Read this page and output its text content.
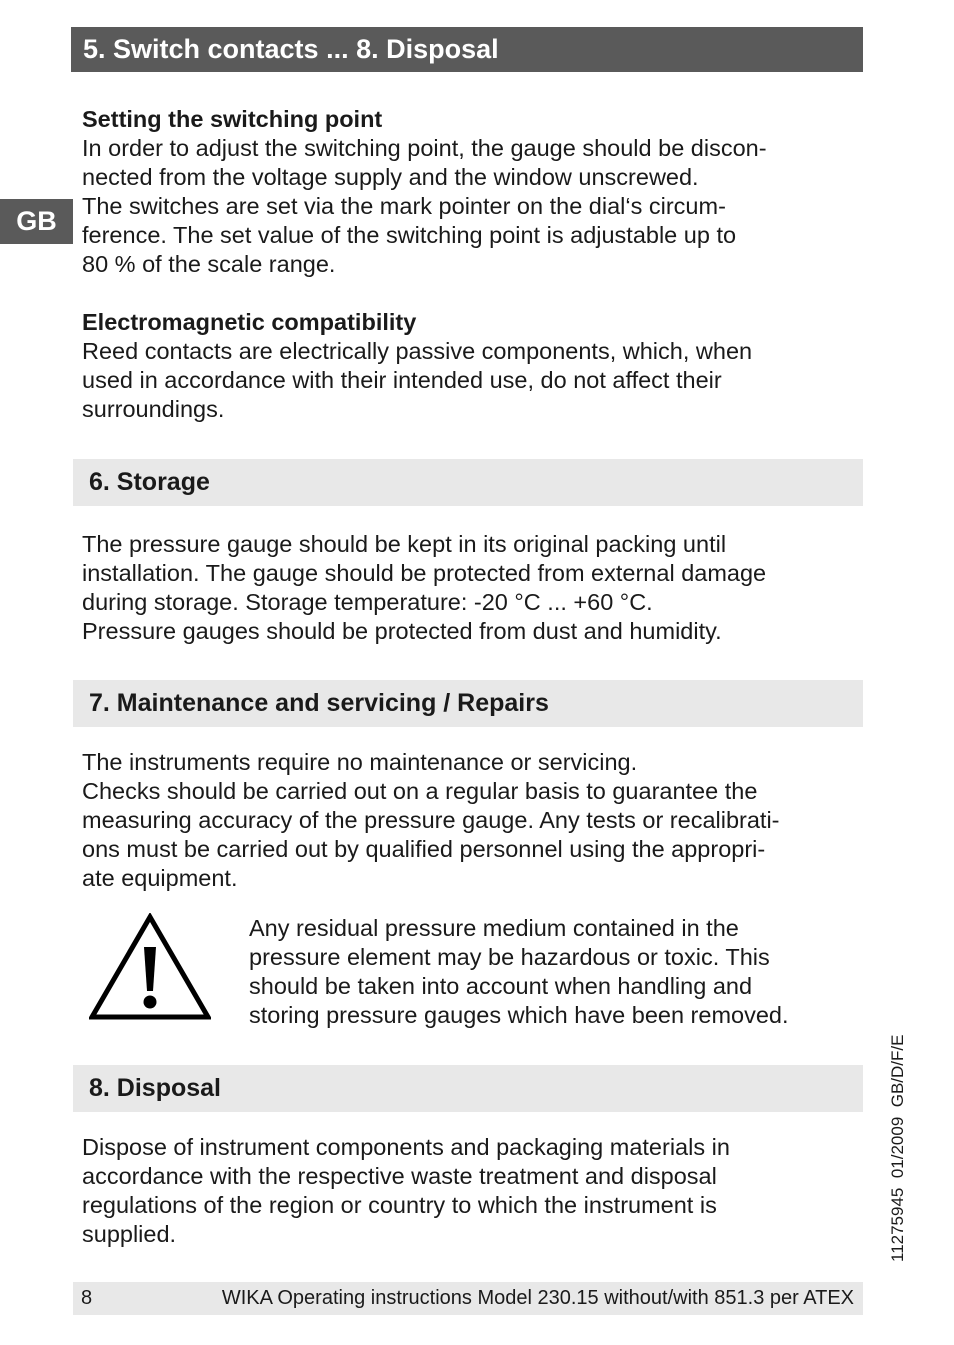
5. Switch contacts ... 8. Disposal
GB
Setting the switching point
In order to adjust the switching point, the gauge should be discon-
nected from the voltage supply and the window unscrewed.
The switches are set via the mark pointer on the dial‘s circum-
ference. The set value of the switching point is adjustable up to
80 % of the scale range.
Electromagnetic compatibility
Reed contacts are electrically passive components, which, when
used in accordance with their intended use, do not affect their
surroundings.
6. Storage
The pressure gauge should be kept in its original packing until
installation. The gauge should be protected from external damage
during storage. Storage temperature: -20 °C ... +60 °C.
Pressure gauges should be protected from dust and humidity.
7. Maintenance and servicing / Repairs
The instruments require no maintenance or servicing.
Checks should be carried out on a regular basis to guarantee the
measuring accuracy of the pressure gauge. Any tests or recalibrati-
ons must be carried out by qualified personnel using the appropri-
ate equipment.
Any residual pressure medium contained in the
pressure element may be hazardous or toxic. This
should be taken into account when handling and
storing pressure gauges which have been removed.
8. Disposal
Dispose of instrument components and packaging materials in
accordance with the respective waste treatment and disposal
regulations of the region or country to which the instrument is
supplied.	11275945  01/2009  GB/D/F/E
8	WIKA Operating instructions Model 230.15 without/with 851.3 per ATEX
